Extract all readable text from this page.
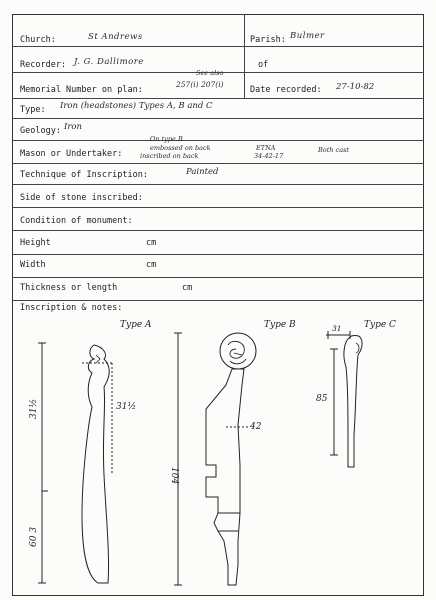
Church:	St Andrews	Parish: Bulmer
Recorder: J. G. Dallimore	of
Memorial Number on plan:
See also
257(i) 207(i)
Date recorded: 27-10-82
Type: Iron (headstones) Types A, B and C
Geology: Iron
Mason or Undertaker:
On type B
embossed on back
inscribed on back
ETNA
34-42-17
Both cast
Technique of Inscription:	Painted
Side of stone inscribed:
Condition of monument:
Height	cm
Width	cm
Thickness or length	cm
Inscription & notes:
Type A	Type B	Type C
31½	31½
60 3
104
42
31
85
